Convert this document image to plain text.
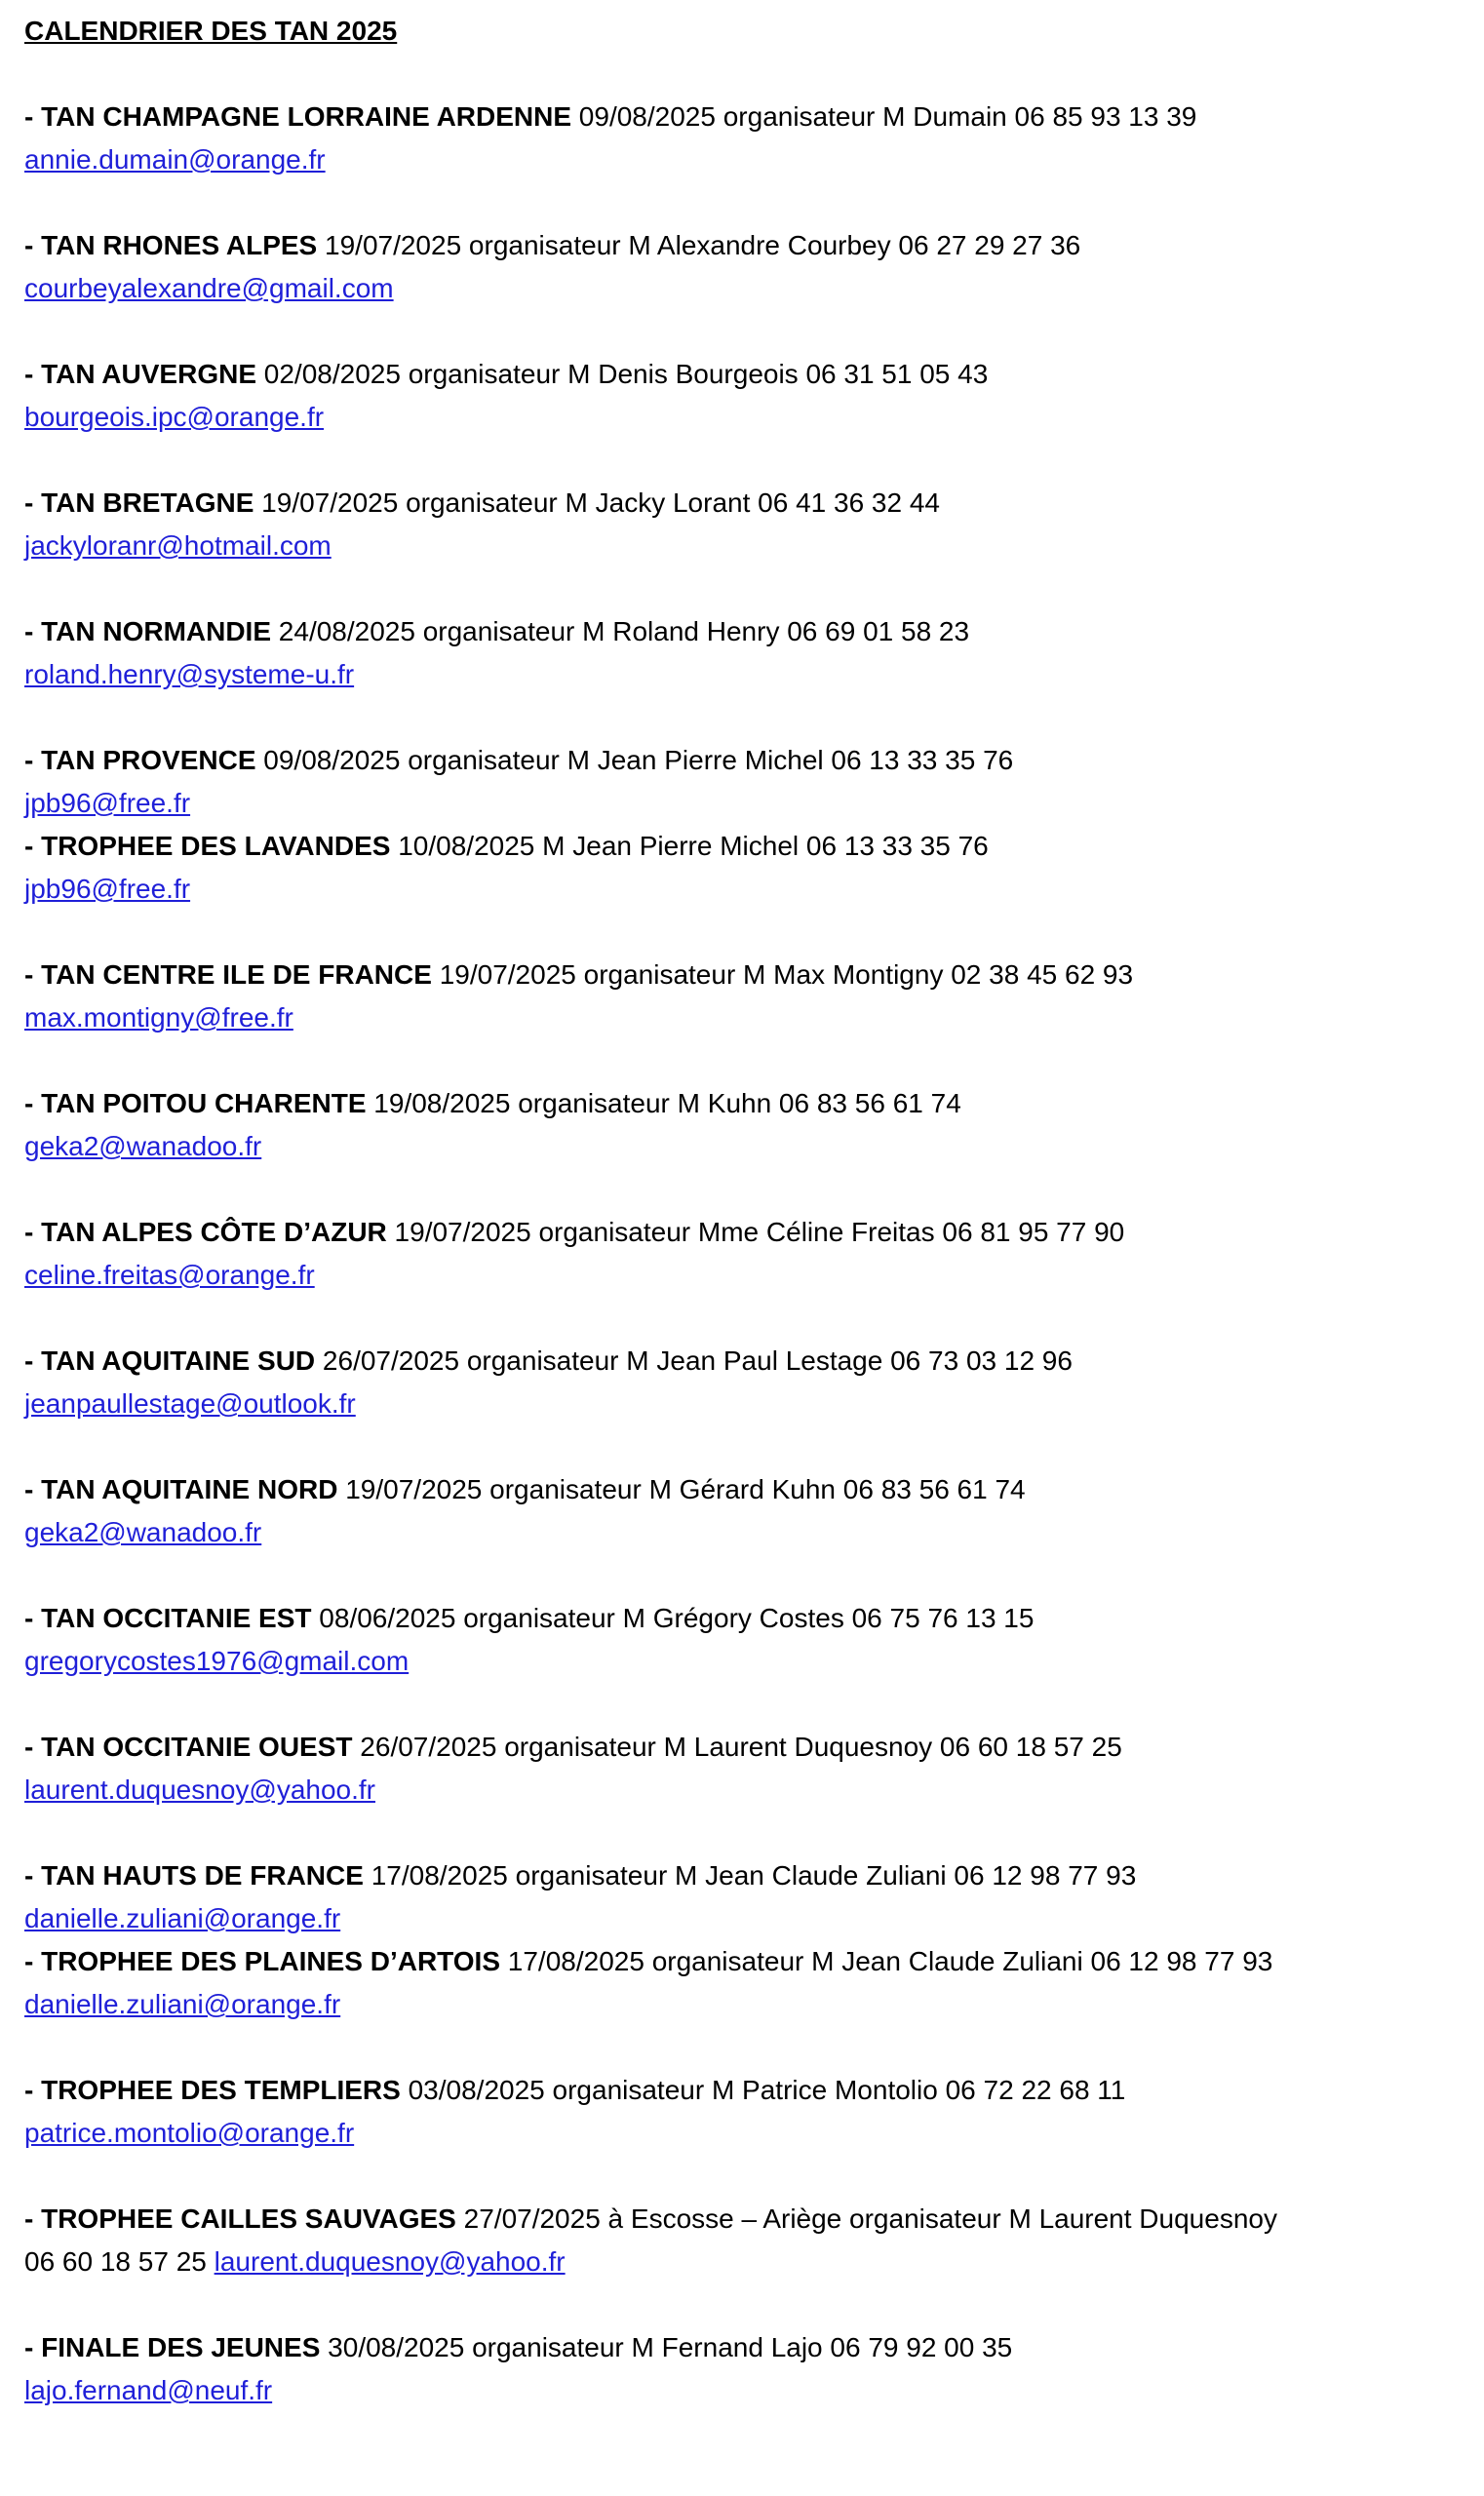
CALENDRIER DES TAN 2025
- TAN CHAMPAGNE LORRAINE ARDENNE 09/08/2025 organisateur M Dumain 06 85 93 13 39
annie.dumain@orange.fr
- TAN RHONES ALPES 19/07/2025 organisateur M Alexandre Courbey 06 27 29 27 36
courbeyalexandre@gmail.com
- TAN AUVERGNE 02/08/2025 organisateur M Denis Bourgeois 06 31 51 05 43
bourgeois.ipc@orange.fr
- TAN BRETAGNE 19/07/2025 organisateur M Jacky Lorant 06 41 36 32 44
jackyloranr@hotmail.com
- TAN NORMANDIE 24/08/2025 organisateur M Roland Henry 06 69 01 58 23
roland.henry@systeme-u.fr
- TAN PROVENCE 09/08/2025 organisateur M Jean Pierre Michel 06 13 33 35 76
jpb96@free.fr
- TROPHEE DES LAVANDES 10/08/2025 M Jean Pierre Michel 06 13 33 35 76
jpb96@free.fr
- TAN CENTRE ILE DE FRANCE 19/07/2025 organisateur M Max Montigny 02 38 45 62 93
max.montigny@free.fr
- TAN POITOU CHARENTE 19/08/2025 organisateur M Kuhn 06 83 56 61 74
geka2@wanadoo.fr
- TAN ALPES CÔTE D’AZUR 19/07/2025 organisateur Mme Céline Freitas 06 81 95 77 90
celine.freitas@orange.fr
- TAN AQUITAINE SUD 26/07/2025 organisateur M Jean Paul Lestage 06 73 03 12 96
jeanpaullestage@outlook.fr
- TAN AQUITAINE NORD 19/07/2025 organisateur M Gérard Kuhn 06 83 56 61 74
geka2@wanadoo.fr
- TAN OCCITANIE EST 08/06/2025 organisateur M Grégory Costes 06 75 76 13 15
gregorycostes1976@gmail.com
- TAN OCCITANIE OUEST 26/07/2025 organisateur M Laurent Duquesnoy 06 60 18 57 25
laurent.duquesnoy@yahoo.fr
- TAN HAUTS DE FRANCE 17/08/2025 organisateur M Jean Claude Zuliani 06 12 98 77 93
danielle.zuliani@orange.fr
- TROPHEE DES PLAINES D’ARTOIS 17/08/2025 organisateur M Jean Claude Zuliani 06 12 98 77 93
danielle.zuliani@orange.fr
- TROPHEE DES TEMPLIERS 03/08/2025 organisateur M Patrice Montolio 06 72 22 68 11
patrice.montolio@orange.fr
- TROPHEE CAILLES SAUVAGES 27/07/2025 à Escosse – Ariège organisateur M Laurent Duquesnoy
06 60 18 57 25 laurent.duquesnoy@yahoo.fr
- FINALE DES JEUNES 30/08/2025 organisateur M Fernand Lajo 06 79 92 00 35
lajo.fernand@neuf.fr
